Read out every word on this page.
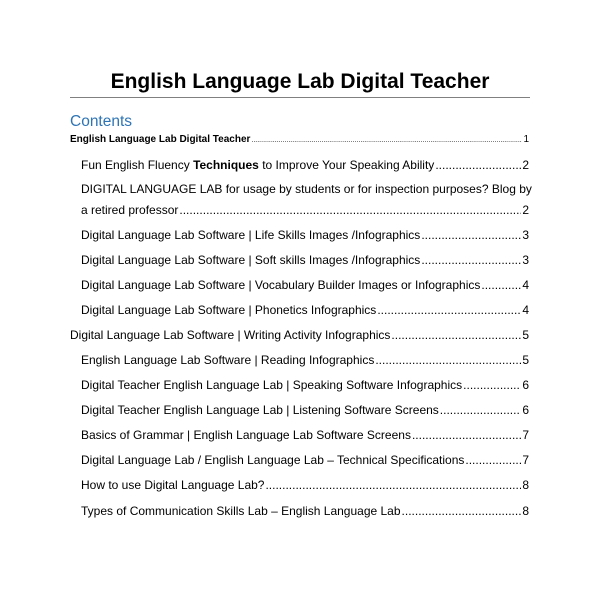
English Language Lab Digital Teacher
Contents
English Language Lab Digital Teacher .....	1
Fun English Fluency Techniques to Improve Your Speaking Ability .....	2
DIGITAL LANGUAGE LAB for usage by students or for inspection purposes? Blog by
a retired professor .....	2
Digital Language Lab Software | Life Skills Images /Infographics .....	3
Digital Language Lab Software | Soft skills Images /Infographics .....	3
Digital Language Lab Software | Vocabulary Builder Images or Infographics .....	4
Digital Language Lab Software | Phonetics Infographics .....	4
Digital Language Lab Software | Writing Activity Infographics .....	5
English Language Lab Software | Reading Infographics .....	5
Digital Teacher English Language Lab | Speaking Software Infographics .....	6
Digital Teacher English Language Lab | Listening Software Screens .....	6
Basics of Grammar | English Language Lab Software Screens .....	7
Digital Language Lab / English Language Lab – Technical Specifications .....	7
How to use Digital Language Lab? .....	8
Types of Communication Skills Lab – English Language Lab .....	8
